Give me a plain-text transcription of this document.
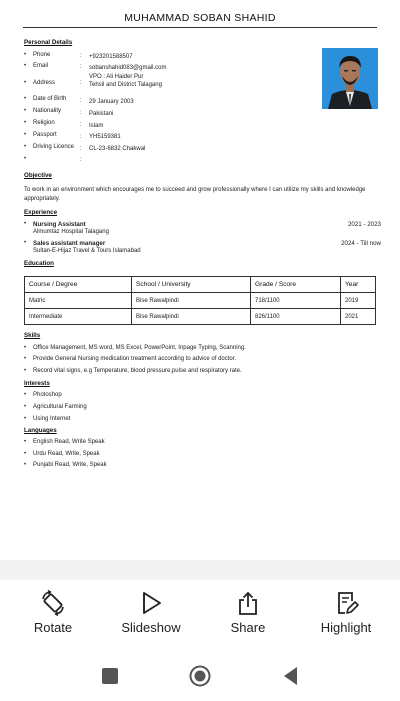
MUHAMMAD SOBAN SHAHID
Personal Details
• Phone	: +923201588507
• Email	: sobanshahid083@gmail.com
• Address	:
VPO : Ali Haider Pur
Tehsil and District Talagang
• Date of Birth : 29 January 2003
• Nationality	: Pakistani
• Religion	: Islam
• Passport	: YH5159381
• Driving Licence : CL-23-6832 Chakwal
•	:
Objective
To work in an environment which encourages me to succeed and grow professionally where I can utilize my skills and knowledge appropriately.
Experience
• Nursing Assistant
Almumtaz Hospital Talagang
2021 - 2023
• Sales assistant manager
Sultan-E-Hijaz Travel & Tours Islamabad
2024 - Till now
Education
Course / Degree	School / University	Grade / Score	Year
Matric	Bise Rawalpindi	718/1100	2019
Intermediate	Bise Rawalpindi	826/1100	2021
Skills
• Office Management, MS word, MS Excel, PowerPoint, Inpage Typing, Scanning.
• Provide General Nursing medication treatment according to advice of doctor.
• Record vital signs, e.g Temperature, blood pressure,pulse and respiratory rate.
Interests
• Photoshop
• Agricultural Farming
• Using Internet
Languages
• English Read, Write Speak
• Urdu Read, Write, Speak
• Punjabi Read, Write, Speak
Rotate	Slideshow	Share	Highlight
